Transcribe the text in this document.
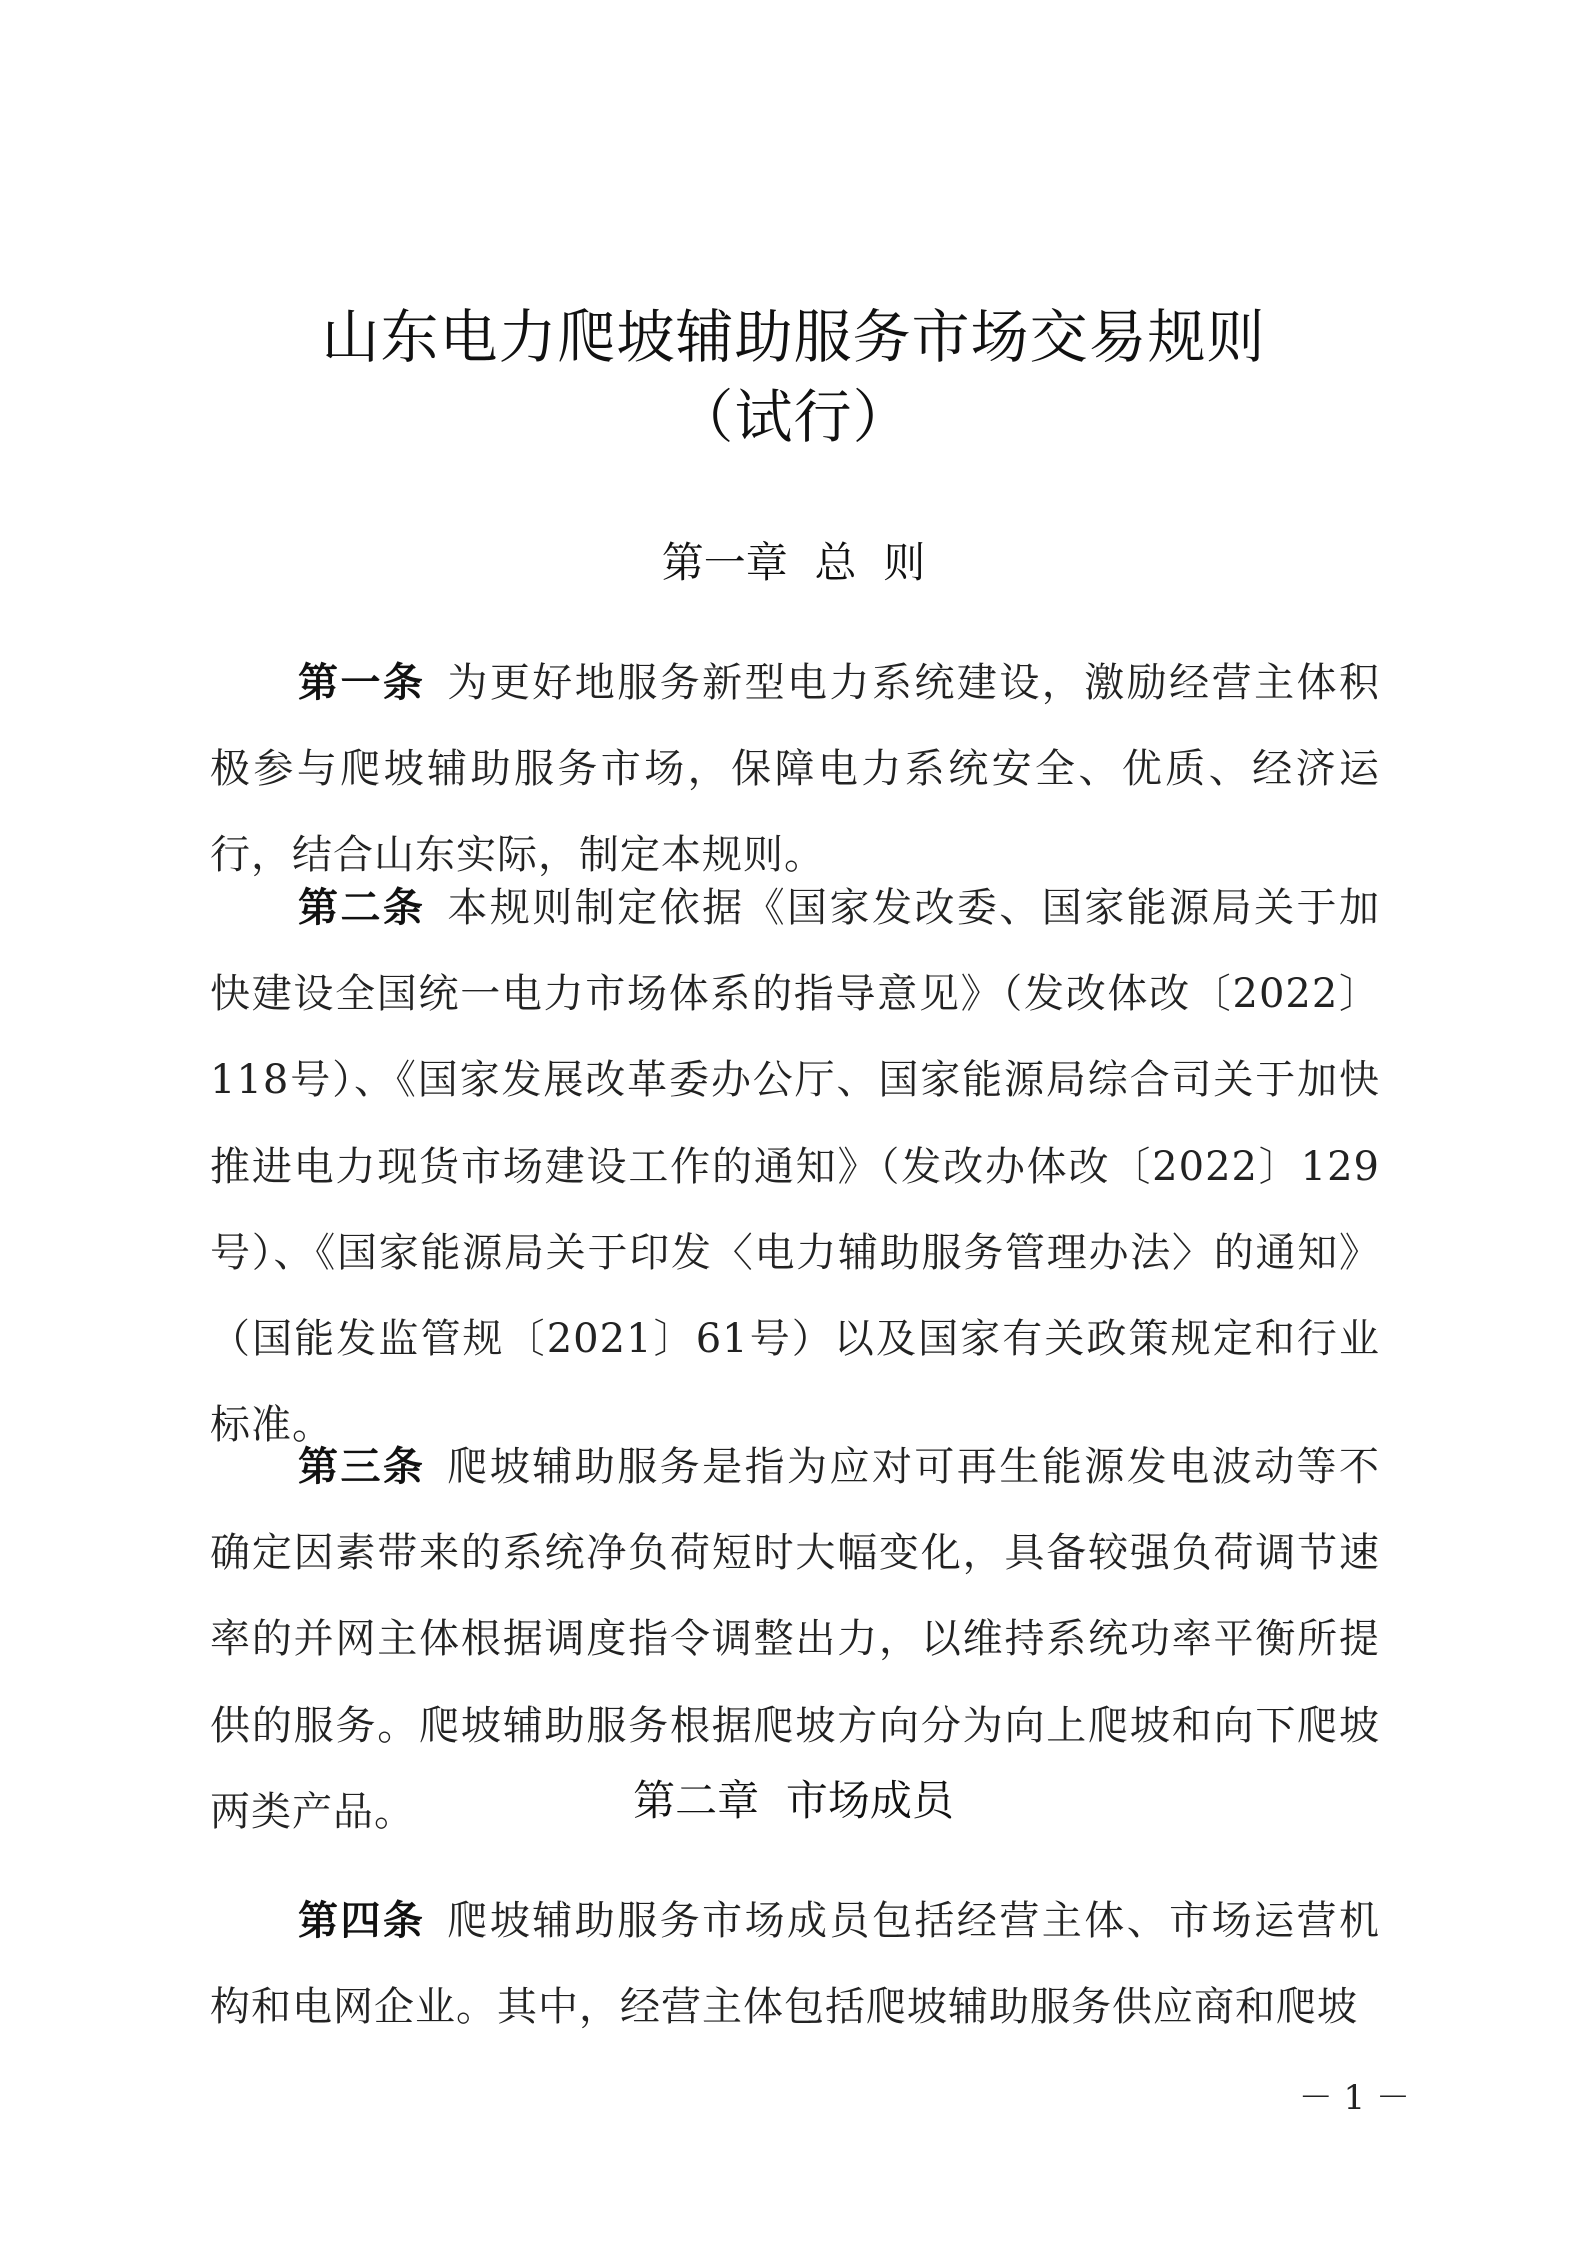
山东电力爬坡辅助服务市场交易规则
（试行）
第一章  总  则

第一条 为更好地服务新型电力系统建设，激励经营主体积极参与爬坡辅助服务市场，保障电力系统安全、优质、经济运行，结合山东实际，制定本规则。

第二条 本规则制定依据《国家发改委、国家能源局关于加快建设全国统一电力市场体系的指导意见》（发改体改〔2022〕118号）、《国家发展改革委办公厅、国家能源局综合司关于加快推进电力现货市场建设工作的通知》（发改办体改〔2022〕129号）、《国家能源局关于印发〈电力辅助服务管理办法〉的通知》（国能发监管规〔2021〕61号）以及国家有关政策规定和行业标准。

第三条 爬坡辅助服务是指为应对可再生能源发电波动等不确定因素带来的系统净负荷短时大幅变化，具备较强负荷调节速率的并网主体根据调度指令调整出力，以维持系统功率平衡所提供的服务。爬坡辅助服务根据爬坡方向分为向上爬坡和向下爬坡两类产品。	第二章  市场成员

第四条 爬坡辅助服务市场成员包括经营主体、市场运营机构和电网企业。其中，经营主体包括爬坡辅助服务供应商和爬坡

－ 1 －
